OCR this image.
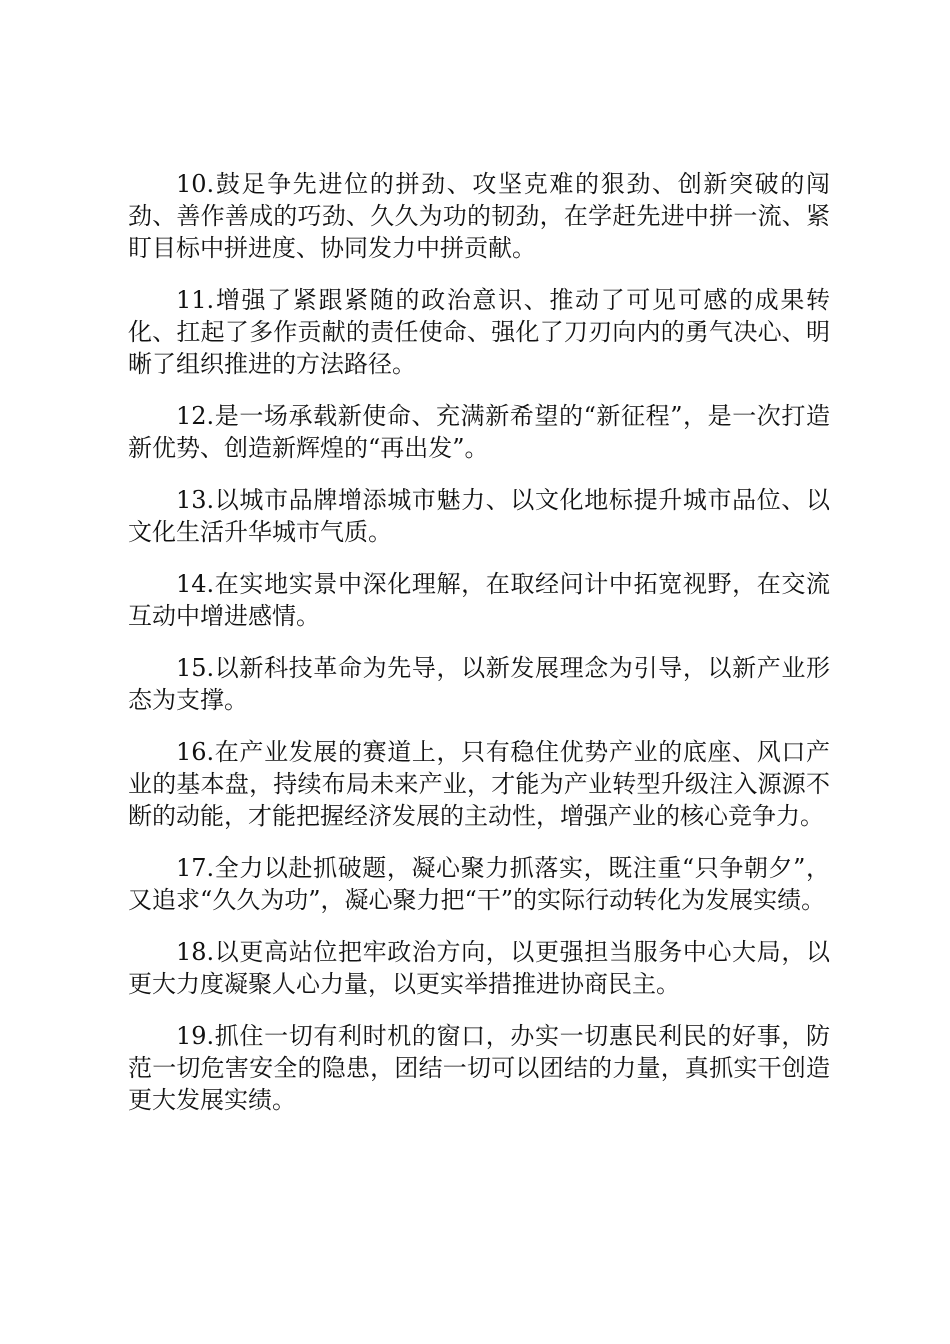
10.鼓足争先进位的拼劲、攻坚克难的狠劲、创新突破的闯劲、善作善成的巧劲、久久为功的韧劲，在学赶先进中拼一流、紧盯目标中拼进度、协同发力中拼贡献。

11.增强了紧跟紧随的政治意识、推动了可见可感的成果转化、扛起了多作贡献的责任使命、强化了刀刃向内的勇气决心、明晰了组织推进的方法路径。

12.是一场承载新使命、充满新希望的“新征程”，是一次打造新优势、创造新辉煌的“再出发”。

13.以城市品牌增添城市魅力、以文化地标提升城市品位、以文化生活升华城市气质。

14.在实地实景中深化理解，在取经问计中拓宽视野，在交流互动中增进感情。

15.以新科技革命为先导，以新发展理念为引导，以新产业形态为支撑。

16.在产业发展的赛道上，只有稳住优势产业的底座、风口产业的基本盘，持续布局未来产业，才能为产业转型升级注入源源不断的动能，才能把握经济发展的主动性，增强产业的核心竞争力。

17.全力以赴抓破题，凝心聚力抓落实，既注重“只争朝夕”，又追求“久久为功”，凝心聚力把“干”的实际行动转化为发展实绩。

18.以更高站位把牢政治方向，以更强担当服务中心大局，以更大力度凝聚人心力量，以更实举措推进协商民主。

19.抓住一切有利时机的窗口，办实一切惠民利民的好事，防范一切危害安全的隐患，团结一切可以团结的力量，真抓实干创造更大发展实绩。
